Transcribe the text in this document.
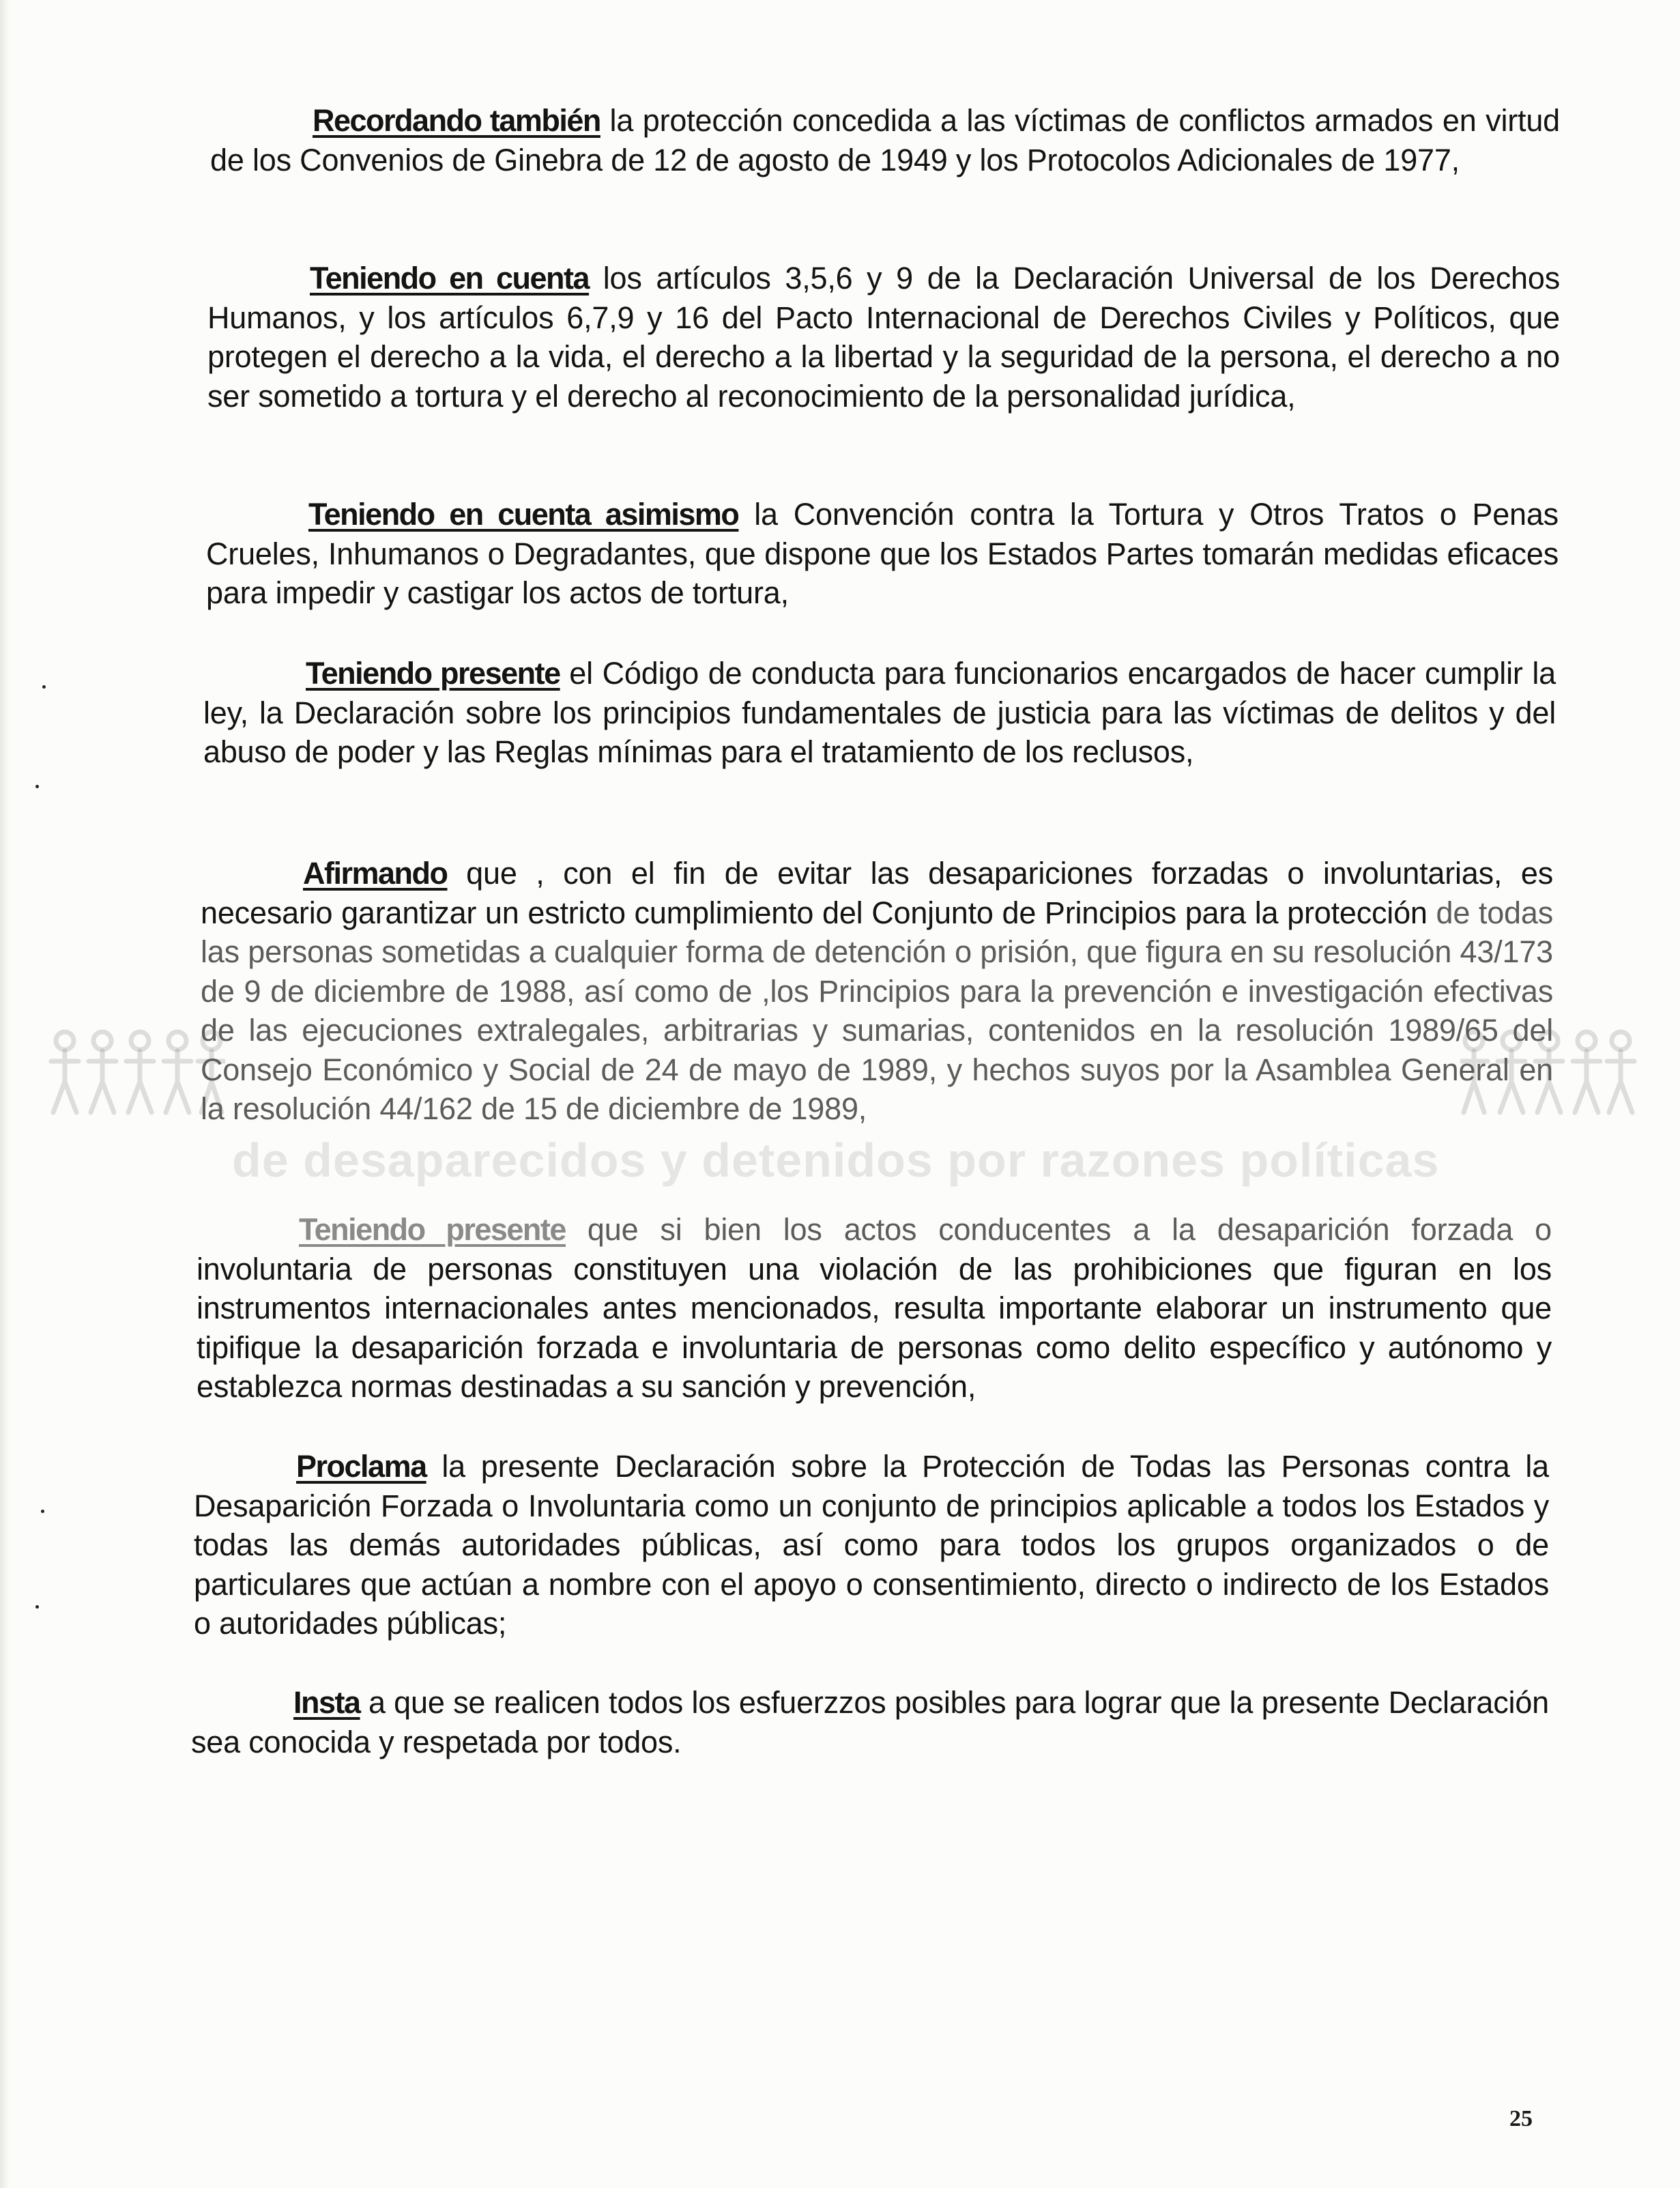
de desaparecidos y detenidos por razones políticas

Recordando también la protección concedida a las víctimas de conflictos armados en virtud de los Convenios de Ginebra de 12 de agosto de 1949 y los Protocolos Adicionales de 1977,

Teniendo en cuenta los artículos 3,5,6 y 9 de la Declaración Universal de los Derechos Humanos, y los artículos 6,7,9 y 16 del Pacto Internacional de Derechos Civiles y Políticos, que protegen el derecho a la vida, el derecho a la libertad y la seguridad de la persona, el derecho a no ser sometido a tortura y el derecho al reconocimiento de la personalidad jurídica,

Teniendo en cuenta asimismo la Convención contra la Tortura y Otros Tratos o Penas Crueles, Inhumanos o Degradantes, que dispone que los Estados Partes tomarán medidas eficaces para impedir y castigar los actos de tortura,

Teniendo presente el Código de conducta para funcionarios encargados de hacer cumplir la ley, la Declaración sobre los principios fundamentales de justicia para las víctimas de delitos y del abuso de poder y las Reglas mínimas para el tratamiento de los reclusos,

Afirmando que , con el fin de evitar las desapariciones forzadas o involuntarias, es necesario garantizar un estricto cumplimiento del Conjunto de Principios para la protección de todas las personas sometidas a cualquier forma de detención o prisión, que figura en su resolución 43/173 de 9 de diciembre de 1988, así como de ,los Principios para la prevención e investigación efectivas de las ejecuciones extralegales, arbitrarias y sumarias, contenidos en la resolución 1989/65 del Consejo Económico y Social de 24 de mayo de 1989, y hechos suyos por la Asamblea General en la resolución 44/162 de 15 de diciembre de 1989,

Teniendo presente que si bien los actos conducentes a la desaparición forzada o involuntaria de personas constituyen una violación de las prohibiciones que figuran en los instrumentos internacionales antes mencionados, resulta importante elaborar un instrumento que tipifique la desaparición forzada e involuntaria de personas como delito específico y autónomo y establezca normas destinadas a su sanción y prevención,

Proclama la presente Declaración sobre la Protección de Todas las Personas contra la Desaparición Forzada o Involuntaria como un conjunto de principios aplicable a todos los Estados y todas las demás autoridades públicas, así como para todos los grupos organizados o de particulares que actúan a nombre con el apoyo o consentimiento, directo o indirecto de los Estados o autoridades públicas;

Insta a que se realicen todos los esfuerzzos posibles para lograr que la presente Declaración sea conocida y respetada por todos.

25
